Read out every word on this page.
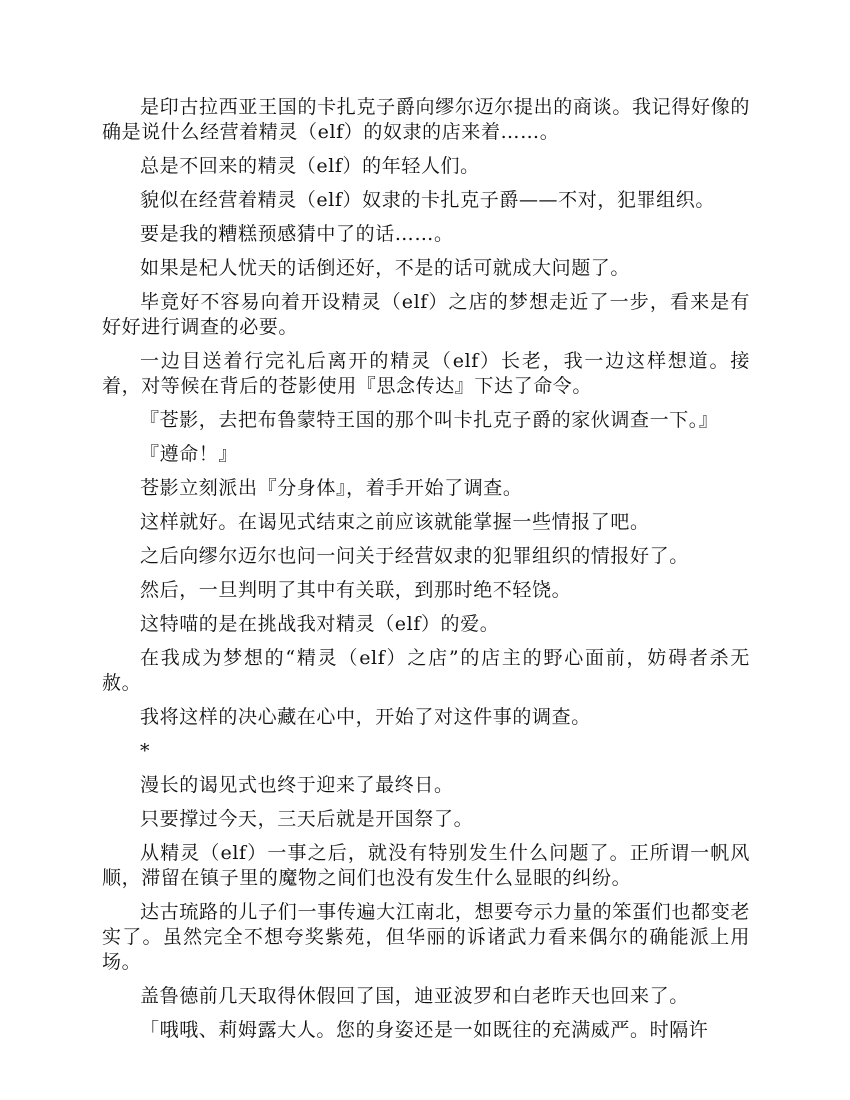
是印古拉西亚王国的卡扎克子爵向缪尔迈尔提出的商谈。我记得好像的确是说什么经营着精灵（elf）的奴隶的店来着……。

总是不回来的精灵（elf）的年轻人们。

貌似在经营着精灵（elf）奴隶的卡扎克子爵——不对，犯罪组织。

要是我的糟糕预感猜中了的话……。

如果是杞人忧天的话倒还好，不是的话可就成大问题了。

毕竟好不容易向着开设精灵（elf）之店的梦想走近了一步，看来是有好好进行调查的必要。

一边目送着行完礼后离开的精灵（elf）长老，我一边这样想道。接着，对等候在背后的苍影使用『思念传达』下达了命令。

『苍影，去把布鲁蒙特王国的那个叫卡扎克子爵的家伙调查一下。』

『遵命！』

苍影立刻派出『分身体』，着手开始了调查。

这样就好。在谒见式结束之前应该就能掌握一些情报了吧。

之后向缪尔迈尔也问一问关于经营奴隶的犯罪组织的情报好了。

然后，一旦判明了其中有关联，到那时绝不轻饶。

这特喵的是在挑战我对精灵（elf）的爱。

在我成为梦想的“精灵（elf）之店”的店主的野心面前，妨碍者杀无赦。

我将这样的决心藏在心中，开始了对这件事的调查。

*

漫长的谒见式也终于迎来了最终日。

只要撑过今天，三天后就是开国祭了。

从精灵（elf）一事之后，就没有特别发生什么问题了。正所谓一帆风顺，滞留在镇子里的魔物之间们也没有发生什么显眼的纠纷。

达古琉路的儿子们一事传遍大江南北，想要夸示力量的笨蛋们也都变老实了。虽然完全不想夸奖紫苑，但华丽的诉诸武力看来偶尔的确能派上用场。

盖鲁德前几天取得休假回了国，迪亚波罗和白老昨天也回来了。

「哦哦、莉姆露大人。您的身姿还是一如既往的充满威严。时隔许
